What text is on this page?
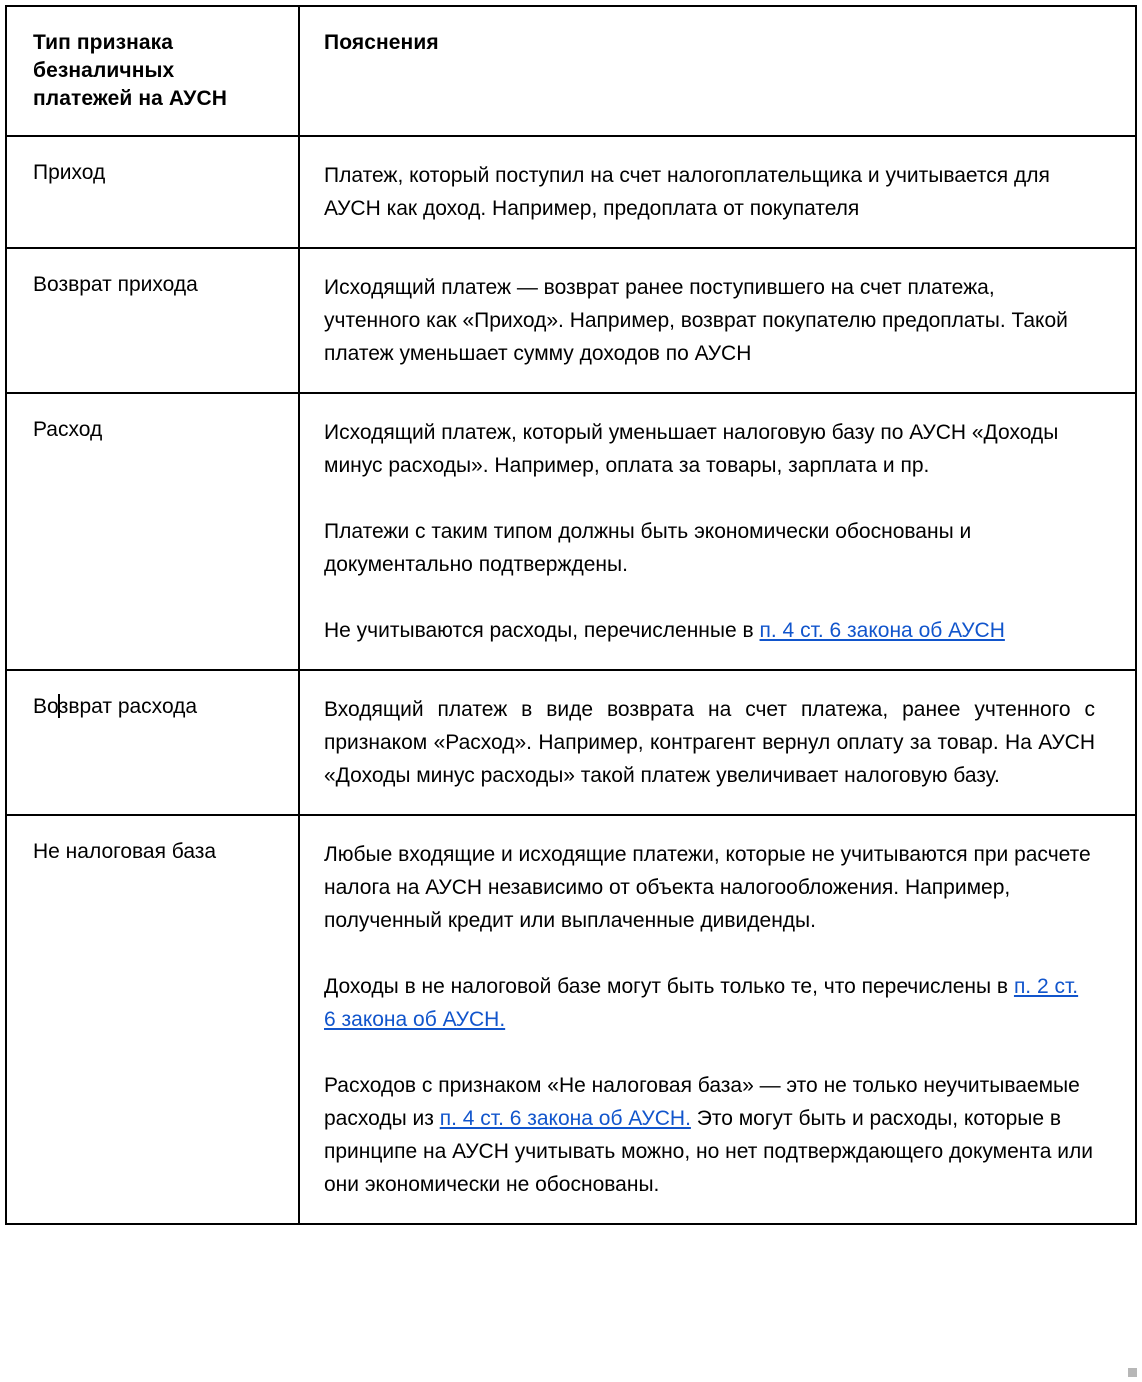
Тип признака безналичных платежей на АУСН	Пояснения

Приход	Платеж, который поступил на счет налогоплательщика и учитывается для АУСН как доход. Например, предоплата от покупателя

Возврат прихода	Исходящий платеж — возврат ранее поступившего на счет платежа, учтенного как «Приход». Например, возврат покупателю предоплаты. Такой платеж уменьшает сумму доходов по АУСН

Расход	Исходящий платеж, который уменьшает налоговую базу по АУСН «Доходы минус расходы». Например, оплата за товары, зарплата и пр.

Платежи с таким типом должны быть экономически обоснованы и документально подтверждены.

Не учитываются расходы, перечисленные в п. 4 ст. 6 закона об АУСН

Возврат расхода	Входящий платеж в виде возврата на счет платежа, ранее учтенного с признаком «Расход». Например, контрагент вернул оплату за товар. На АУСН «Доходы минус расходы» такой платеж увеличивает налоговую базу.

Не налоговая база	Любые входящие и исходящие платежи, которые не учитываются при расчете налога на АУСН независимо от объекта налогообложения. Например, полученный кредит или выплаченные дивиденды.

Доходы в не налоговой базе могут быть только те, что перечислены в п. 2 ст. 6 закона об АУСН.

Расходов с признаком «Не налоговая база» — это не только неучитываемые расходы из п. 4 ст. 6 закона об АУСН. Это могут быть и расходы, которые в принципе на АУСН учитывать можно, но нет подтверждающего документа или они экономически не обоснованы.
